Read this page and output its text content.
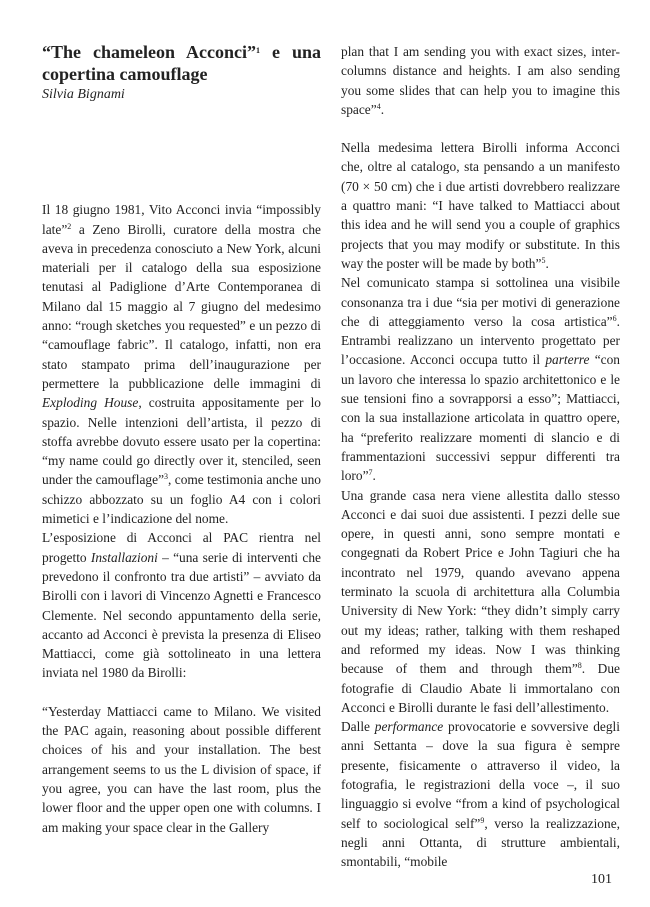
“The chameleon Acconci”$^1$ e una copertina camouflage

Silvia Bignami

Il 18 giugno 1981, Vito Acconci invia “impossibly late”$^2$ a Zeno Birolli, curatore della mostra che aveva in precedenza conosciuto a New York, alcuni materiali per il catalogo della sua esposizione tenutasi al Padiglione d’Arte Contemporanea di Milano dal 15 maggio al 7 giugno del medesimo anno: “rough sketches you requested” e un pezzo di “camouflage fabric”. Il catalogo, infatti, non era stato stampato prima dell’inaugurazione per permettere la pubblicazione delle immagini di Exploding House, costruita appositamente per lo spazio. Nelle intenzioni dell’artista, il pezzo di stoffa avrebbe dovuto essere usato per la copertina: “my name could go directly over it, stenciled, seen under the camouflage”$^3$, come testimonia anche uno schizzo abbozzato su un foglio A4 con i colori mimetici e l’indicazione del nome.

L’esposizione di Acconci al PAC rientra nel progetto Installazioni – “una serie di interventi che prevedono il confronto tra due artisti” – avviato da Birolli con i lavori di Vincenzo Agnetti e Francesco Clemente. Nel secondo appuntamento della serie, accanto ad Acconci è prevista la presenza di Eliseo Mattiacci, come già sottolineato in una lettera inviata nel 1980 da Birolli:

“Yesterday Mattiacci came to Milano. We visited the PAC again, reasoning about possible different choices of his and your installation. The best arrangement seems to us the L division of space, if you agree, you can have the last room, plus the lower floor and the upper open one with columns. I am making your space clear in the Gallery

plan that I am sending you with exact sizes, inter-columns distance and heights. I am also sending you some slides that can help you to imagine this space”$^4$.

Nella medesima lettera Birolli informa Acconci che, oltre al catalogo, sta pensando a un manifesto (70 × 50 cm) che i due artisti dovrebbero realizzare a quattro mani: “I have talked to Mattiacci about this idea and he will send you a couple of graphics projects that you may modify or substitute. In this way the poster will be made by both”$^5$.

Nel comunicato stampa si sottolinea una visibile consonanza tra i due “sia per motivi di generazione che di atteggiamento verso la cosa artistica”$^6$. Entrambi realizzano un intervento progettato per l’occasione. Acconci occupa tutto il parterre “con un lavoro che interessa lo spazio architettonico e le sue tensioni fino a sovrapporsi a esso”; Mattiacci, con la sua installazione articolata in quattro opere, ha “preferito realizzare momenti di slancio e di frammentazioni successivi seppur differenti tra loro”$^7$.

Una grande casa nera viene allestita dallo stesso Acconci e dai suoi due assistenti. I pezzi delle sue opere, in questi anni, sono sempre montati e congegnati da Robert Price e John Tagiuri che ha incontrato nel 1979, quando avevano appena terminato la scuola di architettura alla Columbia University di New York: “they didn’t simply carry out my ideas; rather, talking with them reshaped and reformed my ideas. Now I was thinking because of them and through them”$^8$. Due fotografie di Claudio Abate li immortalano con Acconci e Birolli durante le fasi dell’allestimento.

Dalle performance provocatorie e sovversive degli anni Settanta – dove la sua figura è sempre presente, fisicamente o attraverso il video, la fotografia, le registrazioni della voce –, il suo linguaggio si evolve “from a kind of psychological self to sociological self”$^9$, verso la realizzazione, negli anni Ottanta, di strutture ambientali, smontabili, “mobile

101
